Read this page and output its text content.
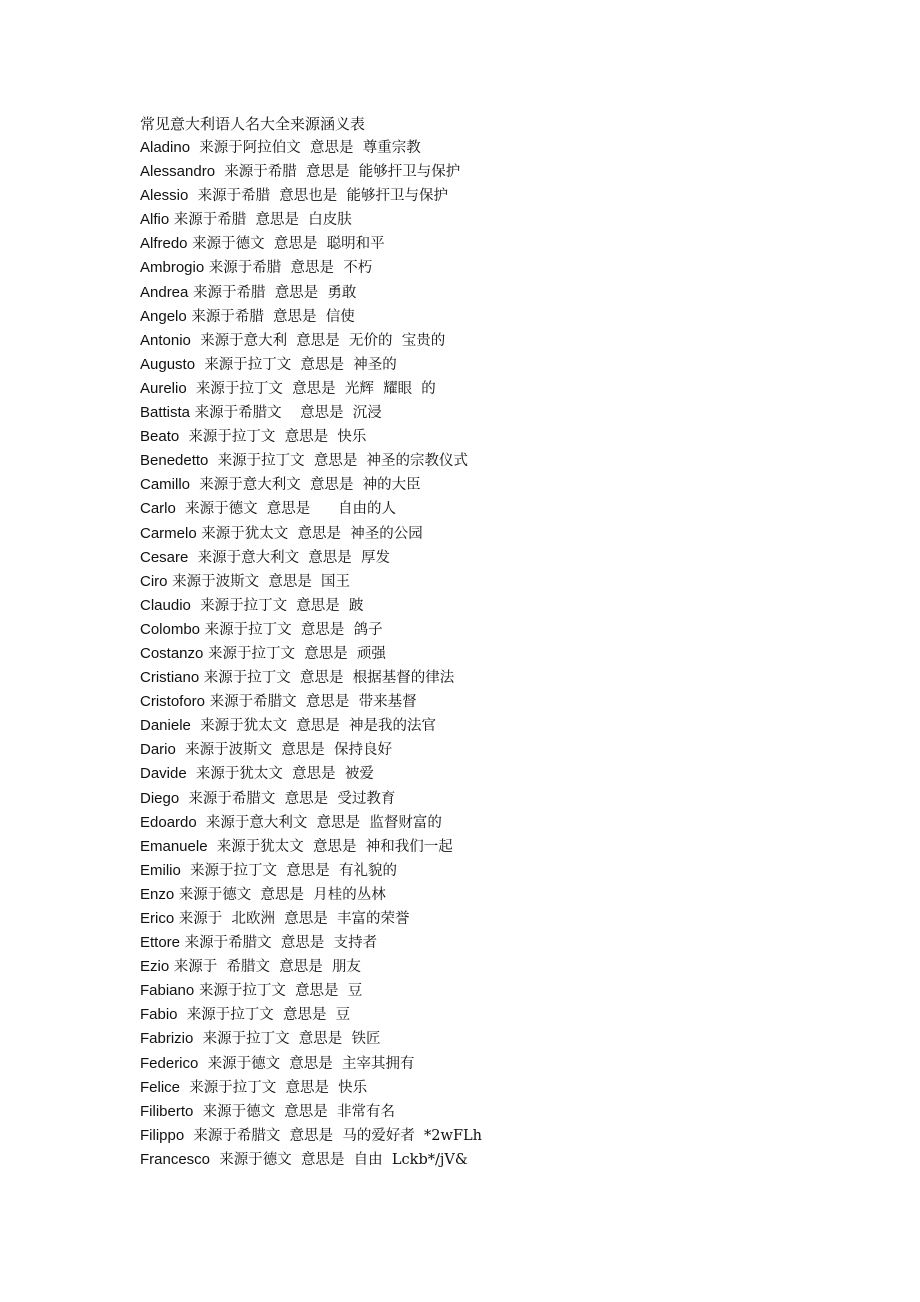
常见意大利语人名大全来源涵义表
Aladino  来源于阿拉伯文  意思是  尊重宗教
Alessandro  来源于希腊  意思是  能够扞卫与保护
Alessio  来源于希腊  意思也是  能够扞卫与保护
Alfio 来源于希腊  意思是  白皮肤
Alfredo 来源于德文  意思是  聪明和平
Ambrogio 来源于希腊  意思是  不朽
Andrea 来源于希腊  意思是  勇敢
Angelo 来源于希腊  意思是  信使
Antonio  来源于意大利  意思是  无价的  宝贵的
Augusto  来源于拉丁文  意思是  神圣的
Aurelio  来源于拉丁文  意思是  光辉  耀眼  的
Battista 来源于希腊文    意思是  沉浸
Beato  来源于拉丁文  意思是  快乐
Benedetto  来源于拉丁文  意思是  神圣的宗教仪式
Camillo  来源于意大利文  意思是  神的大臣
Carlo  来源于德文  意思是      自由的人
Carmelo 来源于犹太文  意思是  神圣的公园
Cesare  来源于意大利文  意思是  厚发
Ciro 来源于波斯文  意思是  国王
Claudio  来源于拉丁文  意思是  跛
Colombo 来源于拉丁文  意思是  鸽子
Costanzo 来源于拉丁文  意思是  顽强
Cristiano 来源于拉丁文  意思是  根据基督的律法
Cristoforo 来源于希腊文  意思是  带来基督
Daniele  来源于犹太文  意思是  神是我的法官
Dario  来源于波斯文  意思是  保持良好
Davide  来源于犹太文  意思是  被爱
Diego  来源于希腊文  意思是  受过教育
Edoardo  来源于意大利文  意思是  监督财富的
Emanuele  来源于犹太文  意思是  神和我们一起
Emilio  来源于拉丁文  意思是  有礼貌的
Enzo 来源于德文  意思是  月桂的丛林
Erico 来源于  北欧洲  意思是  丰富的荣誉
Ettore 来源于希腊文  意思是  支持者
Ezio 来源于  希腊文  意思是  朋友
Fabiano 来源于拉丁文  意思是  豆
Fabio  来源于拉丁文  意思是  豆
Fabrizio  来源于拉丁文  意思是  铁匠
Federico  来源于德文  意思是  主宰其拥有
Felice  来源于拉丁文  意思是  快乐
Filiberto  来源于德文  意思是  非常有名
Filippo  来源于希腊文  意思是  马的爱好者  *2wFLh
Francesco  来源于德文  意思是  自由  Lckb*/jV&
